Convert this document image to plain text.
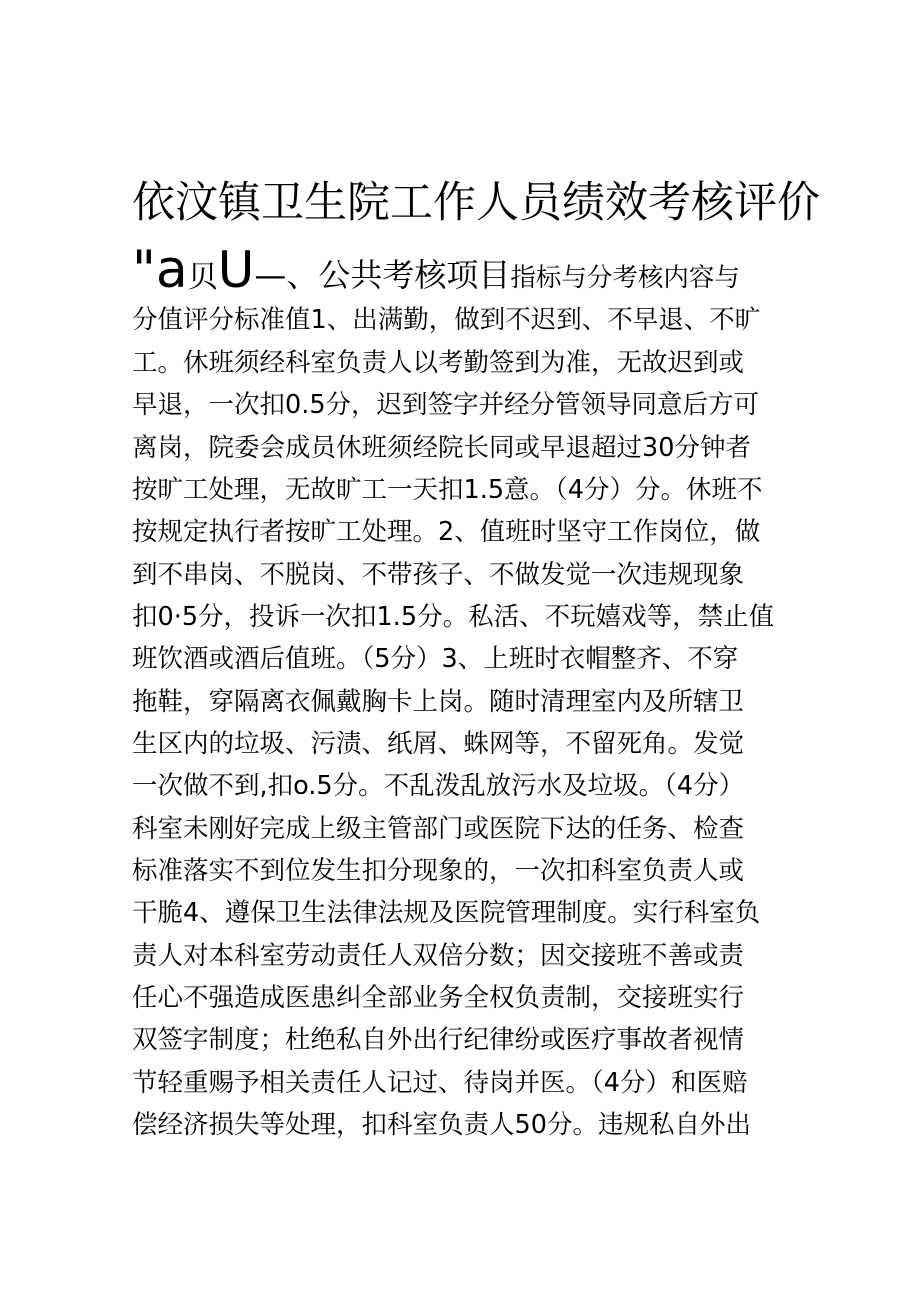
依汶镇卫生院工作人员绩效考核评价
"a 贝 U —、公共考核项目 指标与分考核内容与
分值评分标准值1、出满勤，做到不迟到、不早退、不旷
工。休班须经科室负责人以考勤签到为准，无故迟到或
早退，一次扣0.5分，迟到签字并经分管领导同意后方可
离岗，院委会成员休班须经院长同或早退超过30分钟者
按旷工处理，无故旷工一天扣1.5意。（4分）分。休班不
按规定执行者按旷工处理。2、值班时坚守工作岗位，做
到不串岗、不脱岗、不带孩子、不做发觉一次违规现象
扣0·5分，投诉一次扣1.5分。私活、不玩嬉戏等，禁止值
班饮酒或酒后值班。（5分）3、上班时衣帽整齐、不穿
拖鞋，穿隔离衣佩戴胸卡上岗。随时清理室内及所辖卫
生区内的垃圾、污渍、纸屑、蛛网等，不留死角。发觉
一次做不到,扣o.5分。不乱泼乱放污水及垃圾。（4分）
科室未刚好完成上级主管部门或医院下达的任务、检查
标准落实不到位发生扣分现象的，一次扣科室负责人或
干脆4、遵保卫生法律法规及医院管理制度。实行科室负
责人对本科室劳动责任人双倍分数；因交接班不善或责
任心不强造成医患纠全部业务全权负责制，交接班实行
双签字制度；杜绝私自外出行纪律纷或医疗事故者视情
节轻重赐予相关责任人记过、待岗并医。（4分）和医赔
偿经济损失等处理，扣科室负责人50分。违规私自外出
